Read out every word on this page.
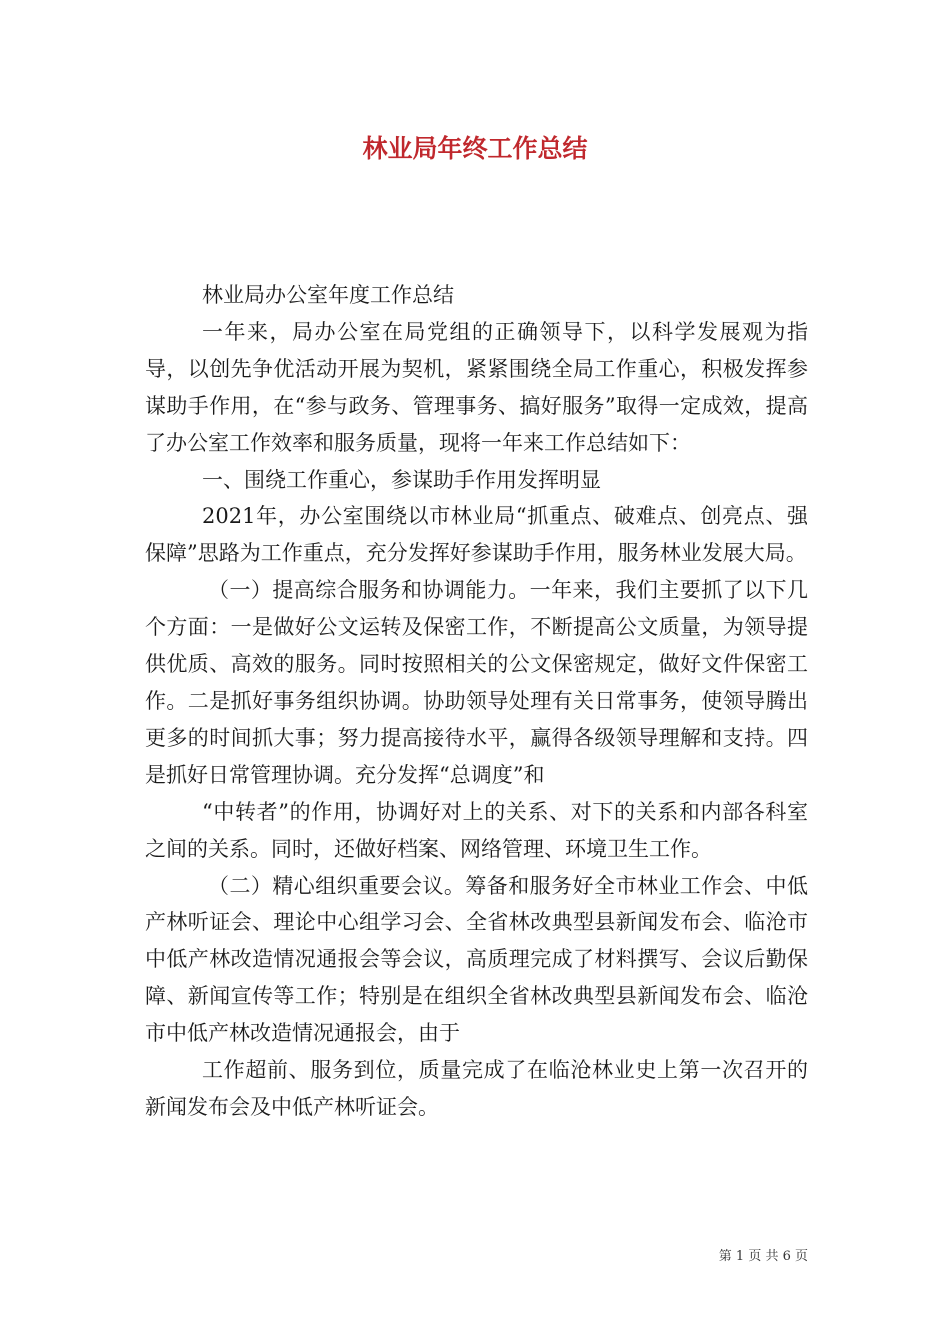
林业局年终工作总结

林业局办公室年度工作总结

一年来，局办公室在局党组的正确领导下，以科学发展观为指导，以创先争优活动开展为契机，紧紧围绕全局工作重心，积极发挥参谋助手作用，在“参与政务、管理事务、搞好服务”取得一定成效，提高了办公室工作效率和服务质量，现将一年来工作总结如下：

一、围绕工作重心，参谋助手作用发挥明显

2021年，办公室围绕以市林业局“抓重点、破难点、创亮点、强保障”思路为工作重点，充分发挥好参谋助手作用，服务林业发展大局。

（一）提高综合服务和协调能力。一年来，我们主要抓了以下几个方面：一是做好公文运转及保密工作，不断提高公文质量，为领导提供优质、高效的服务。同时按照相关的公文保密规定，做好文件保密工作。二是抓好事务组织协调。协助领导处理有关日常事务，使领导腾出更多的时间抓大事；努力提高接待水平，赢得各级领导理解和支持。四是抓好日常管理协调。充分发挥“总调度”和

“中转者”的作用，协调好对上的关系、对下的关系和内部各科室之间的关系。同时，还做好档案、网络管理、环境卫生工作。

（二）精心组织重要会议。筹备和服务好全市林业工作会、中低产林听证会、理论中心组学习会、全省林改典型县新闻发布会、临沧市中低产林改造情况通报会等会议，高质理完成了材料撰写、会议后勤保障、新闻宣传等工作；特别是在组织全省林改典型县新闻发布会、临沧市中低产林改造情况通报会，由于

工作超前、服务到位，质量完成了在临沧林业史上第一次召开的新闻发布会及中低产林听证会。

第 1 页 共 6 页
